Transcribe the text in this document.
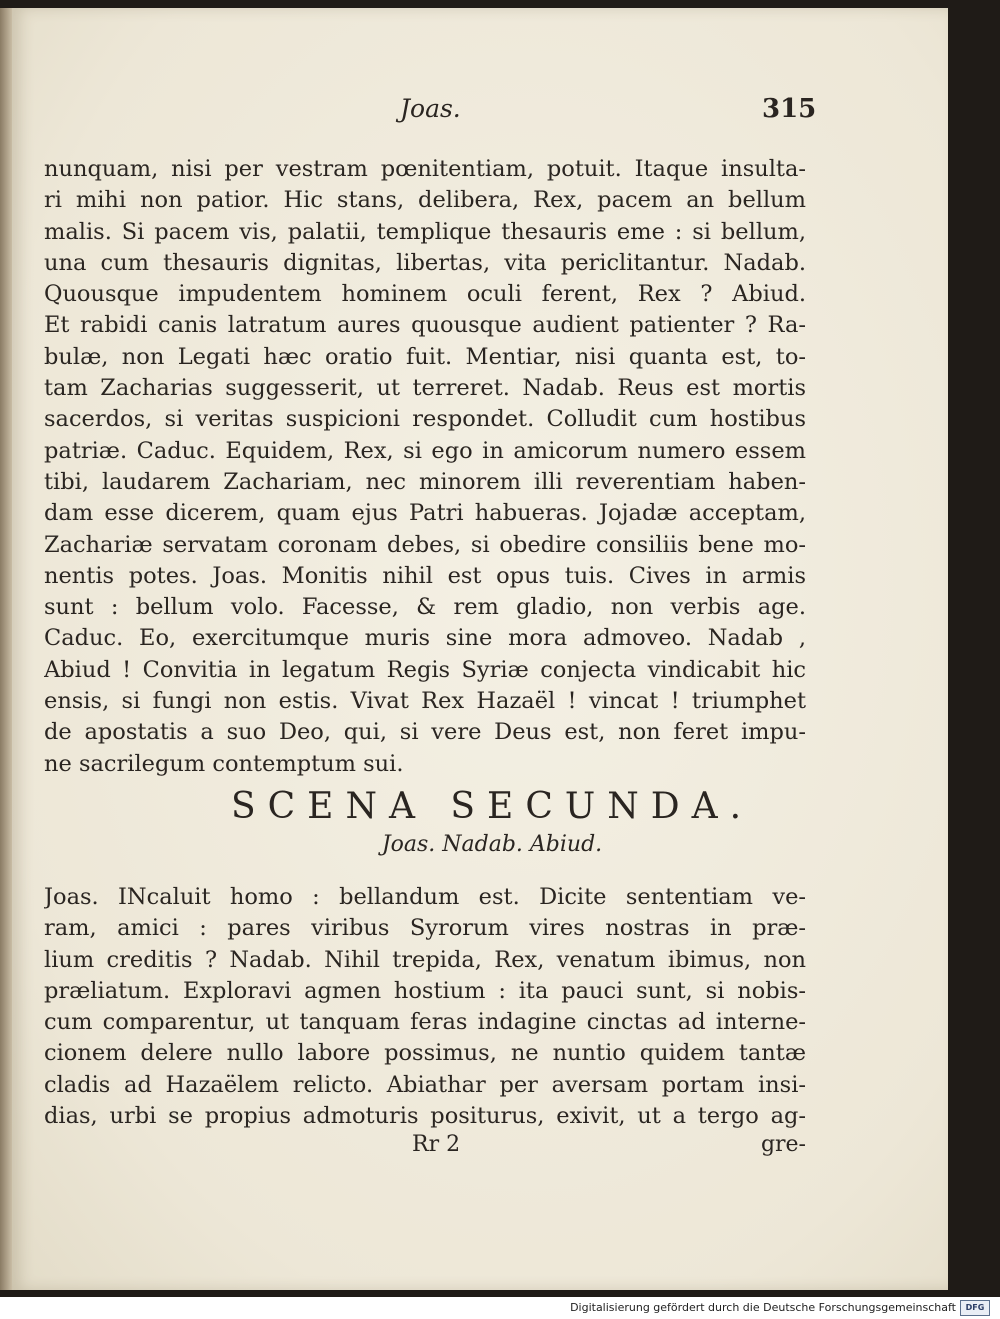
Joas.	315
nunquam, nisi per vestram pœnitentiam, potuit. Itaque insulta-
ri mihi non patior. Hic stans, delibera, Rex, pacem an bellum
malis. Si pacem vis, palatii, templique thesauris eme : si bellum,
una cum thesauris dignitas, libertas, vita periclitantur. Nadab.
Quousque impudentem hominem oculi ferent, Rex ? Abiud.
Et rabidi canis latratum aures quousque audient patienter ? Ra-
bulæ, non Legati hæc oratio fuit. Mentiar, nisi quanta est, to-
tam Zacharias suggesserit, ut terreret. Nadab. Reus est mortis
sacerdos, si veritas suspicioni respondet. Colludit cum hostibus
patriæ. Caduc. Equidem, Rex, si ego in amicorum numero essem
tibi, laudarem Zachariam, nec minorem illi reverentiam haben-
dam esse dicerem, quam ejus Patri habueras. Jojadæ acceptam,
Zachariæ servatam coronam debes, si obedire consiliis bene mo-
nentis potes. Joas. Monitis nihil est opus tuis. Cives in armis
sunt : bellum volo. Facesse, & rem gladio, non verbis age.
Caduc. Eo, exercitumque muris sine mora admoveo. Nadab ,
Abiud ! Convitia in legatum Regis Syriæ conjecta vindicabit hic
ensis, si fungi non estis. Vivat Rex Hazaël ! vincat ! triumphet
de apostatis a suo Deo, qui, si vere Deus est, non feret impu-
ne sacrilegum contemptum sui.
SCENA SECUNDA.
Joas. Nadab. Abiud.
Joas. INcaluit homo : bellandum est. Dicite sententiam ve-
ram, amici : pares viribus Syrorum vires nostras in præ-
lium creditis ? Nadab. Nihil trepida, Rex, venatum ibimus, non
præliatum. Exploravi agmen hostium : ita pauci sunt, si nobis-
cum comparentur, ut tanquam feras indagine cinctas ad interne-
cionem delere nullo labore possimus, ne nuntio quidem tantæ
cladis ad Hazaëlem relicto. Abiathar per aversam portam insi-
dias, urbi se propius admoturis positurus, exivit, ut a tergo ag-
Rr 2	gre-
Digitalisierung gefördert durch die Deutsche Forschungsgemeinschaft	DFG
